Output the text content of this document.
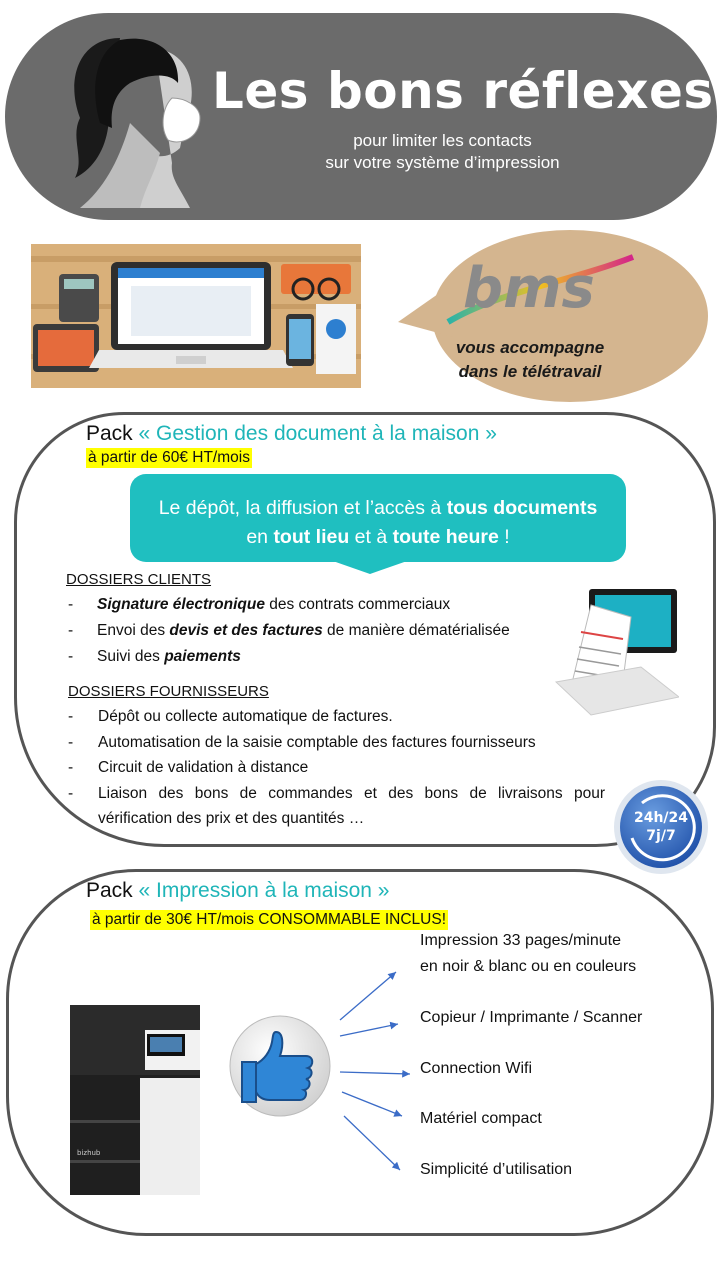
Les bons réflexes
pour limiter les contacts
sur votre système d’impression
bms
vous accompagne
dans le télétravail
Pack « Gestion des document à la maison »
à partir de 60€ HT/mois
Le dépôt, la diffusion et l’accès à tous documents
en tout lieu et à toute heure !
DOSSIERS CLIENTS
- Signature électronique des contrats commerciaux
- Envoi des devis et des factures de manière dématérialisée
- Suivi des paiements
DOSSIERS FOURNISSEURS
- Dépôt ou collecte automatique de factures.
- Automatisation de la saisie comptable des factures fournisseurs
- Circuit de validation à distance
- Liaison des bons de commandes et des bons de livraisons pour
vérification des prix et des quantités …	24h/24
7j/7
Pack « Impression à la maison »
à partir de 30€ HT/mois CONSOMMABLE INCLUS!
bizhub
Impression 33 pages/minute
en noir & blanc ou en couleurs
Copieur / Imprimante / Scanner
Connection Wifi
Matériel compact
Simplicité d’utilisation
